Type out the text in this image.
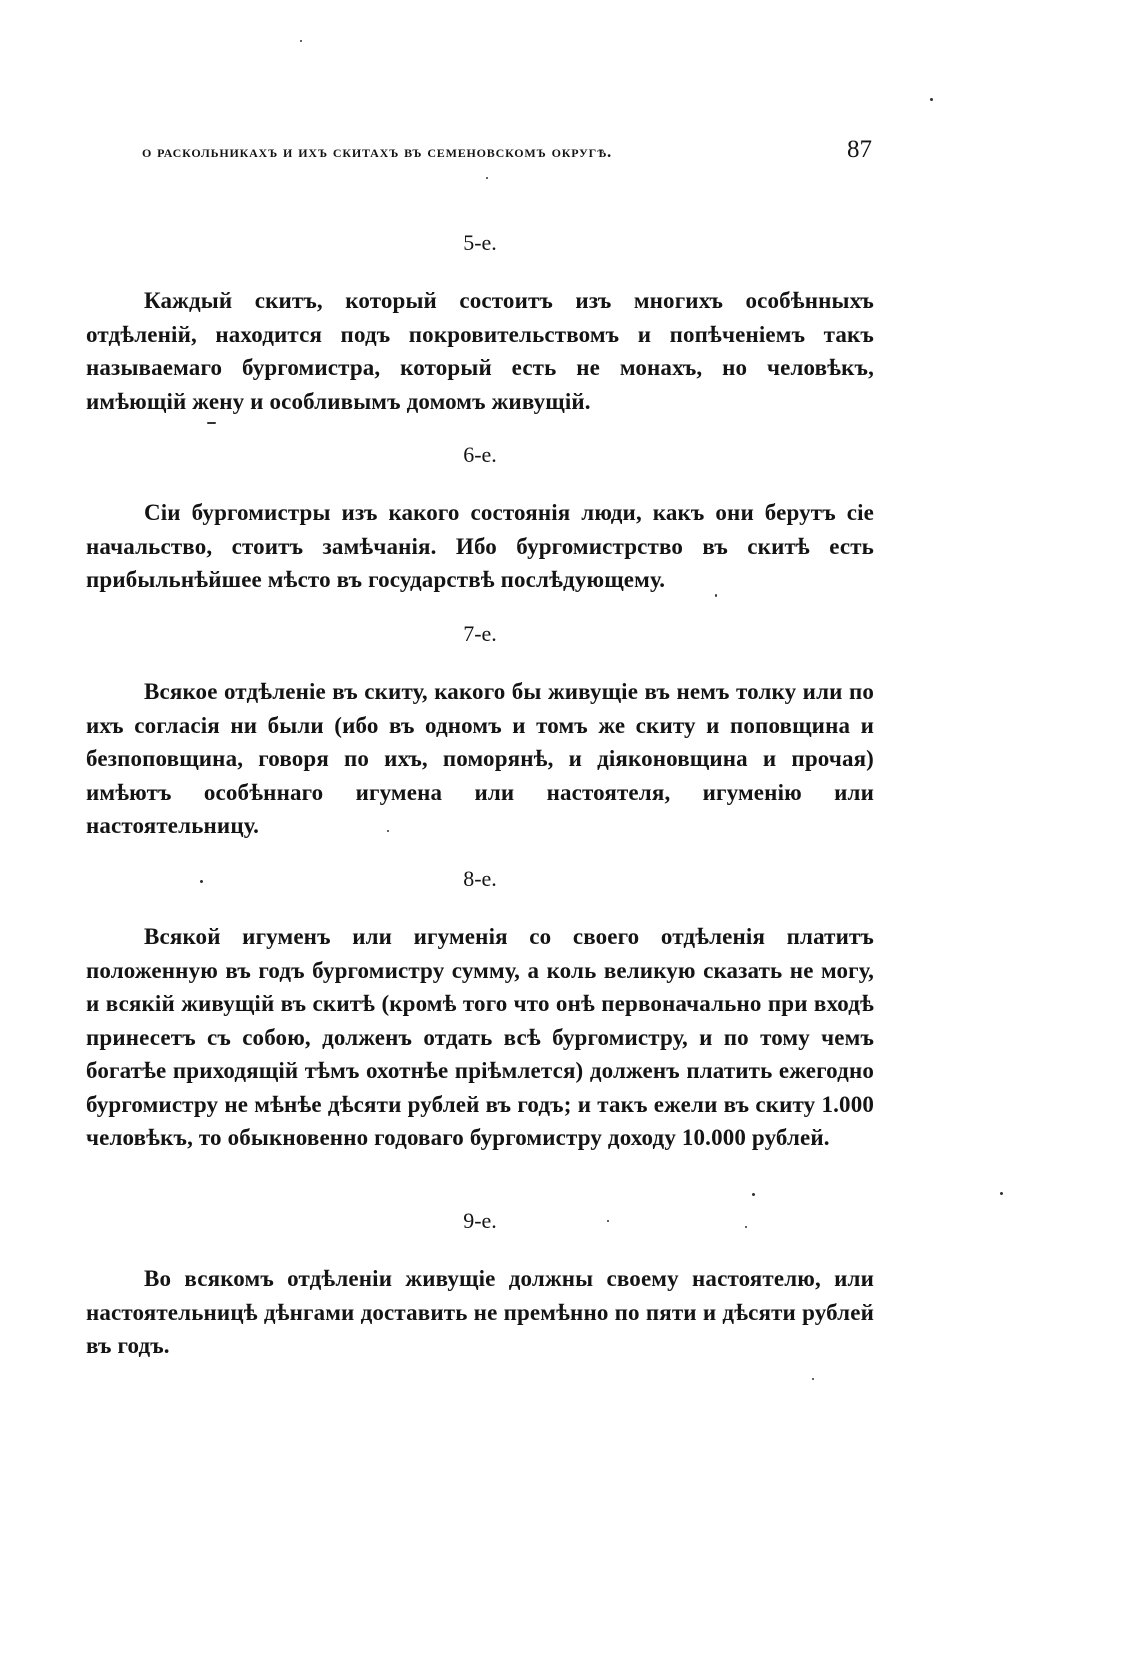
о раскольникахъ и ихъ скитахъ въ семеновскомъ округѣ.	87
5-е.

Каждый скитъ, который состоитъ изъ многихъ особѣнныхъ отдѣленій, находится подъ покровительствомъ и попѣченіемъ такъ называемаго бургомистра, который есть не монахъ, но человѣкъ, имѣющій жену и особливымъ домомъ живущій.

6-е.

Сіи бургомистры изъ какого состоянія люди, какъ они берутъ сіе начальство, стоитъ замѣчанія. Ибо бургомистрство въ скитѣ есть прибыльнѣйшее мѣсто въ государствѣ послѣдующему.

7-е.

Всякое отдѣленіе въ скиту, какого бы живущіе въ немъ толку или по ихъ согласія ни были (ибо въ одномъ и томъ же скиту и поповщина и безпоповщина, говоря по ихъ, поморянѣ, и діяконовщина и прочая) имѣютъ особѣннаго игумена или настоятеля, игуменію или настоятельницу.

8-е.

Всякой игуменъ или игуменія со своего отдѣленія платитъ положенную въ годъ бургомистру сумму, а коль великую сказать не могу, и всякій живущій въ скитѣ (кромѣ того что онѣ первоначально при входѣ принесетъ съ собою, долженъ отдать всѣ бургомистру, и по тому чемъ богатѣе приходящій тѣмъ охотнѣе пріѣмлется) долженъ платить ежегодно бургомистру не мѣнѣе дѣсяти рублей въ годъ; и такъ ежели въ скиту 1.000 человѣкъ, то обыкновенно годоваго бургомистру доходу 10.000 рублей.

9-е.

Во всякомъ отдѣленіи живущіе должны своему настоятелю, или настоятельницѣ дѣнгами доставить не премѣнно по пяти и дѣсяти рублей въ годъ.
